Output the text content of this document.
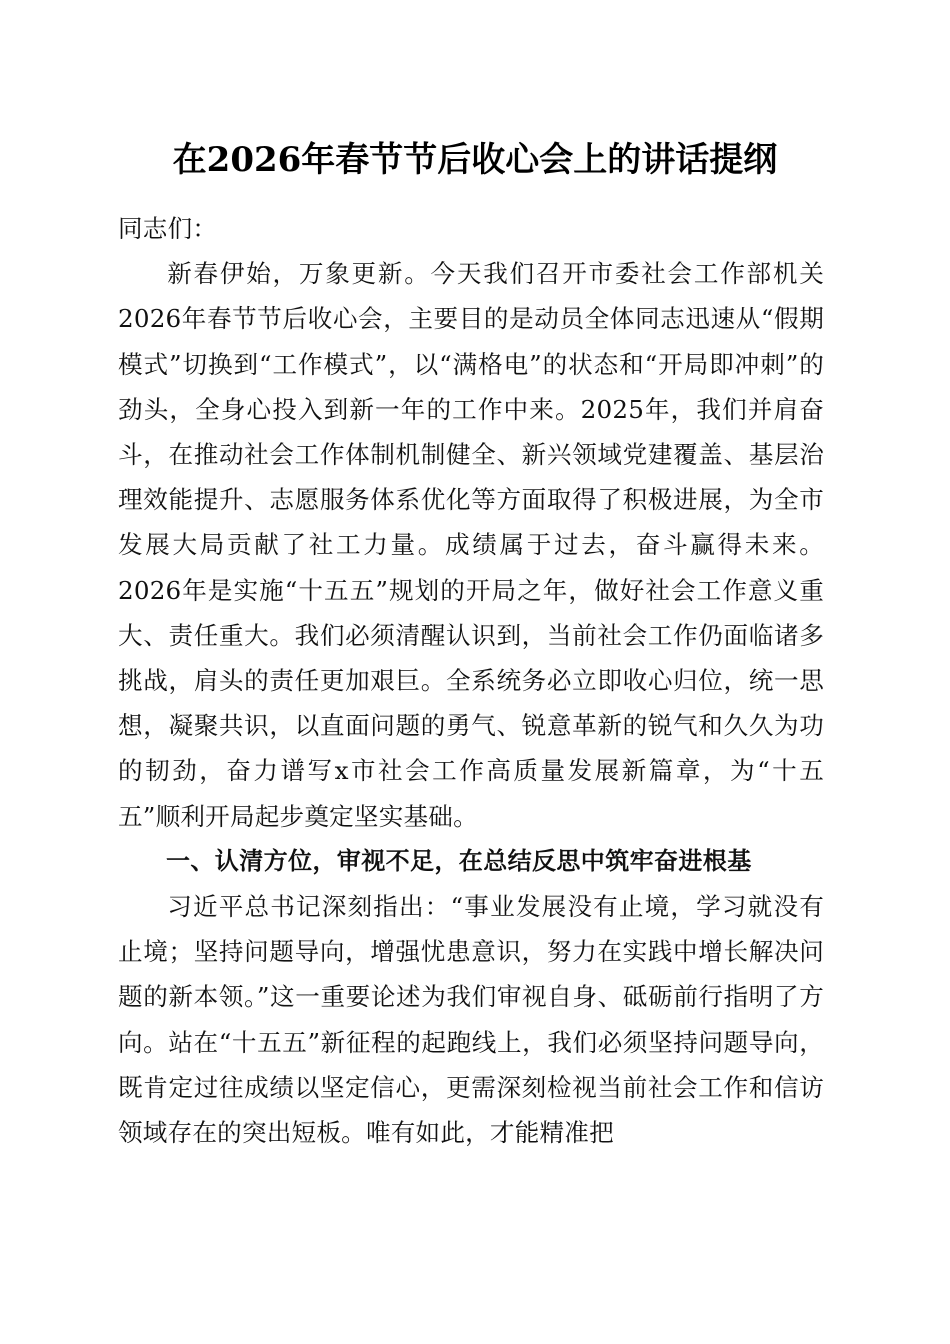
在2026年春节节后收心会上的讲话提纲

同志们：

新春伊始，万象更新。今天我们召开市委社会工作部机关2026年春节节后收心会，主要目的是动员全体同志迅速从“假期模式”切换到“工作模式”，以“满格电”的状态和“开局即冲刺”的劲头，全身心投入到新一年的工作中来。2025年，我们并肩奋斗，在推动社会工作体制机制健全、新兴领域党建覆盖、基层治理效能提升、志愿服务体系优化等方面取得了积极进展，为全市发展大局贡献了社工力量。成绩属于过去，奋斗赢得未来。2026年是实施“十五五”规划的开局之年，做好社会工作意义重大、责任重大。我们必须清醒认识到，当前社会工作仍面临诸多挑战，肩头的责任更加艰巨。全系统务必立即收心归位，统一思想，凝聚共识，以直面问题的勇气、锐意革新的锐气和久久为功的韧劲，奋力谱写x市社会工作高质量发展新篇章，为“十五五”顺利开局起步奠定坚实基础。

一、认清方位，审视不足，在总结反思中筑牢奋进根基

习近平总书记深刻指出：“事业发展没有止境，学习就没有止境；坚持问题导向，增强忧患意识，努力在实践中增长解决问题的新本领。”这一重要论述为我们审视自身、砥砺前行指明了方向。站在“十五五”新征程的起跑线上，我们必须坚持问题导向，既肯定过往成绩以坚定信心，更需深刻检视当前社会工作和信访领域存在的突出短板。唯有如此，才能精准把
